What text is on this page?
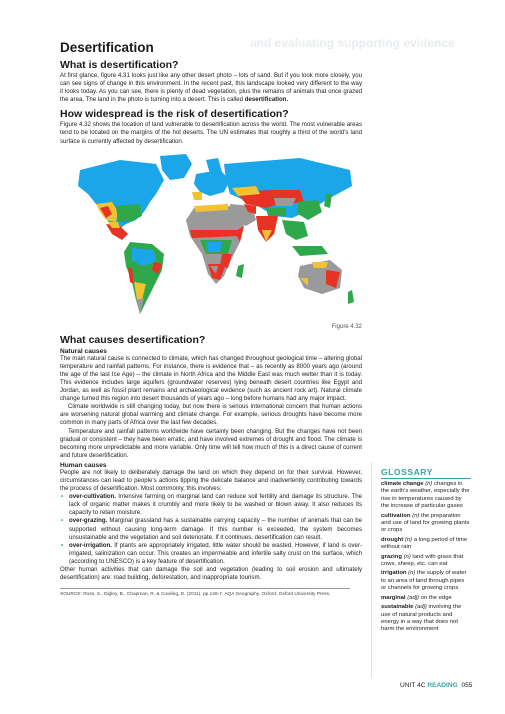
and evaluating supporting evidence
Desertification
What is desertification?

At first glance, figure 4.31 looks just like any other desert photo – lots of sand. But if you look more closely, you can see signs of change in this environment. In the recent past, this landscape looked very different to the way it looks today. As you can see, there is plenty of dead vegetation, plus the remains of animals that once grazed the area. The land in the photo is turning into a desert. This is called desertification.

How widespread is the risk of desertification?

Figure 4.32 shows the location of land vulnerable to desertification across the world. The most vulnerable areas tend to be located on the margins of the hot deserts. The UN estimates that roughly a third of the world's land surface is currently affected by desertification.

Figure 4.32
What causes desertification?
Natural causes

The main natural cause is connected to climate, which has changed throughout geological time – altering global temperature and rainfall patterns. For instance, there is evidence that – as recently as 8000 years ago (around the age of the last Ice Age) – the climate in North Africa and the Middle East was much wetter than it is today. This evidence includes large aquifers (groundwater reserves) lying beneath desert countries like Egypt and Jordan, as well as fossil plant remains and archaeological evidence (such as ancient rock art). Natural climate change turned this region into desert thousands of years ago – long before humans had any major impact.

Climate worldwide is still changing today, but now there is serious international concern that human actions are worsening natural global warming and climate change. For example, serious droughts have become more common in many parts of Africa over the last few decades.

Temperature and rainfall patterns worldwide have certainly been changing. But the changes have not been gradual or consistent – they have been erratic, and have involved extremes of drought and flood. The climate is becoming more unpredictable and more variable. Only time will tell how much of this is a direct cause of current and future desertification.

Human causes

People are not likely to deliberately damage the land on which they depend on for their survival. However, circumstances can lead to people's actions tipping the delicate balance and inadvertently contributing towards the process of desertification. Most commonly, this involves:

• over-cultivation. Intensive farming on marginal land can reduce soil fertility and damage its structure. The lack of organic matter makes it crumbly and more likely to be washed or blown away. It also reduces its capacity to retain moisture.
• over-grazing. Marginal grassland has a sustainable carrying capacity – the number of animals that can be supported without causing long-term damage. If this number is exceeded, the system becomes unsustainable and the vegetation and soil deteriorate. If it continues, desertification can result.
• over-irrigation. If plants are appropriately irrigated, little water should be wasted. However, if land is over-irrigated, salinization can occur. This creates an impermeable and infertile salty crust on the surface, which (according to UNESCO) is a key feature of desertification.

Other human activities that can damage the soil and vegetation (leading to soil erosion and ultimately desertification) are: road building, deforestation, and inappropriate tourism.

SOURCE: Ross, S., Digley, B., Chapman, R. & Cowling, D. (2011). pp.146-7. AQA Geography. Oxford: Oxford University Press.
GLOSSARY
climate change (n) changes in the earth's weather, especially the rise in temperatures caused by the increase of particular gases
cultivation (n) the preparation and use of land for growing plants or crops
drought (n) a long period of time without rain
grazing (n) land with grass that cows, sheep, etc. can eat
irrigation (n) the supply of water to an area of land through pipes or channels for growing crops
marginal (adj) on the edge
sustainable (adj) involving the use of natural products and energy in a way that does not harm the environment
UNIT 4C READING 055
